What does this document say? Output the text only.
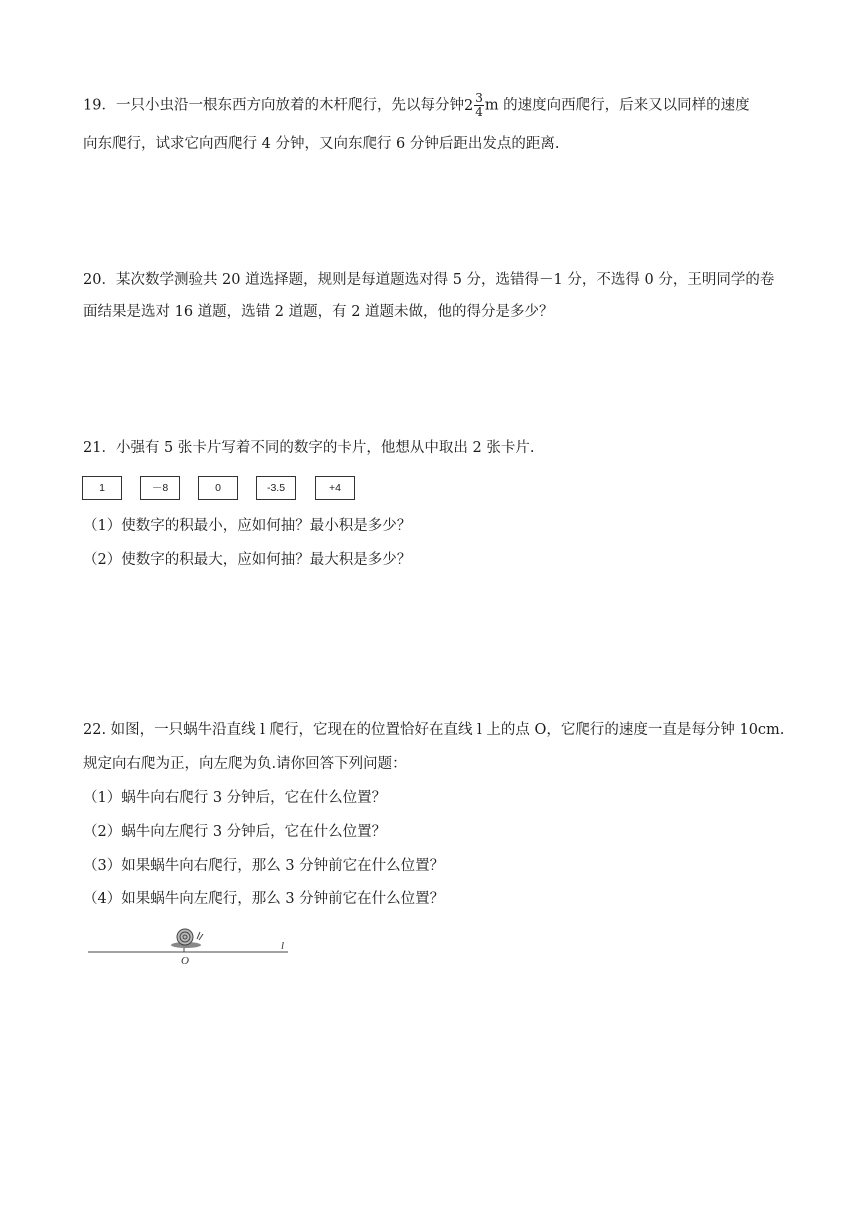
19．一只小虫沿一根东西方向放着的木杆爬行，先以每分钟$2 \frac{3}{4}$ m 的速度向西爬行，后来又以同样的速度
向东爬行，试求它向西爬行 4 分钟，又向东爬行 6 分钟后距出发点的距离.
20．某次数学测验共 20 道选择题，规则是每道题选对得 5 分，选错得－1 分，不选得 0 分，王明同学的卷
面结果是选对 16 道题，选错 2 道题，有 2 道题未做，他的得分是多少？
21．小强有 5 张卡片写着不同的数字的卡片，他想从中取出 2 张卡片.
1	－8	0	-3.5	+4
（1）使数字的积最小，应如何抽？最小积是多少？
（2）使数字的积最大，应如何抽？最大积是多少？
22. 如图，一只蜗牛沿直线 l 爬行，它现在的位置恰好在直线 l 上的点 O，它爬行的速度一直是每分钟 10cm.
规定向右爬为正，向左爬为负.请你回答下列问题：
（1）蜗牛向右爬行 3 分钟后，它在什么位置？
（2）蜗牛向左爬行 3 分钟后，它在什么位置？
（3）如果蜗牛向右爬行，那么 3 分钟前它在什么位置？
（4）如果蜗牛向左爬行，那么 3 分钟前它在什么位置？
O
l
